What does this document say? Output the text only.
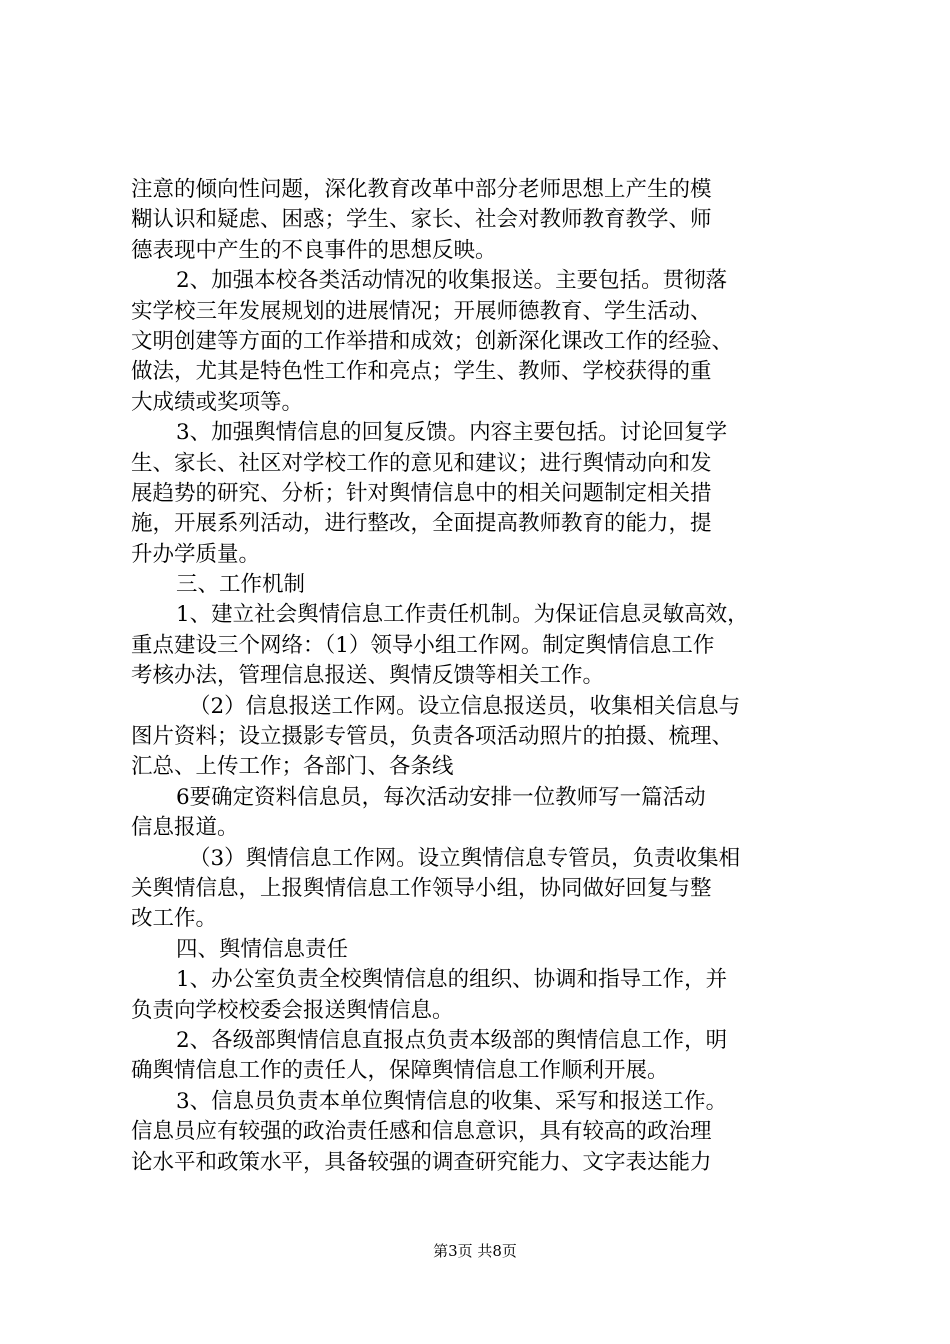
注意的倾向性问题，深化教育改革中部分老师思想上产生的模
糊认识和疑虑、困惑；学生、家长、社会对教师教育教学、师
德表现中产生的不良事件的思想反映。
2、加强本校各类活动情况的收集报送。主要包括。贯彻落
实学校三年发展规划的进展情况；开展师德教育、学生活动、
文明创建等方面的工作举措和成效；创新深化课改工作的经验、
做法，尤其是特色性工作和亮点；学生、教师、学校获得的重
大成绩或奖项等。
3、加强舆情信息的回复反馈。内容主要包括。讨论回复学
生、家长、社区对学校工作的意见和建议；进行舆情动向和发
展趋势的研究、分析；针对舆情信息中的相关问题制定相关措
施，开展系列活动，进行整改，全面提高教师教育的能力，提
升办学质量。
三、工作机制
1、建立社会舆情信息工作责任机制。为保证信息灵敏高效，
重点建设三个网络：（1）领导小组工作网。制定舆情信息工作
考核办法，管理信息报送、舆情反馈等相关工作。
（2）信息报送工作网。设立信息报送员，收集相关信息与
图片资料；设立摄影专管员，负责各项活动照片的拍摄、梳理、
汇总、上传工作；各部门、各条线
6要确定资料信息员，每次活动安排一位教师写一篇活动
信息报道。
（3）舆情信息工作网。设立舆情信息专管员，负责收集相
关舆情信息，上报舆情信息工作领导小组，协同做好回复与整
改工作。
四、舆情信息责任
1、办公室负责全校舆情信息的组织、协调和指导工作，并
负责向学校校委会报送舆情信息。
2、各级部舆情信息直报点负责本级部的舆情信息工作，明
确舆情信息工作的责任人，保障舆情信息工作顺利开展。
3、信息员负责本单位舆情信息的收集、采写和报送工作。
信息员应有较强的政治责任感和信息意识，具有较高的政治理
论水平和政策水平，具备较强的调查研究能力、文字表达能力
第3页 共8页
